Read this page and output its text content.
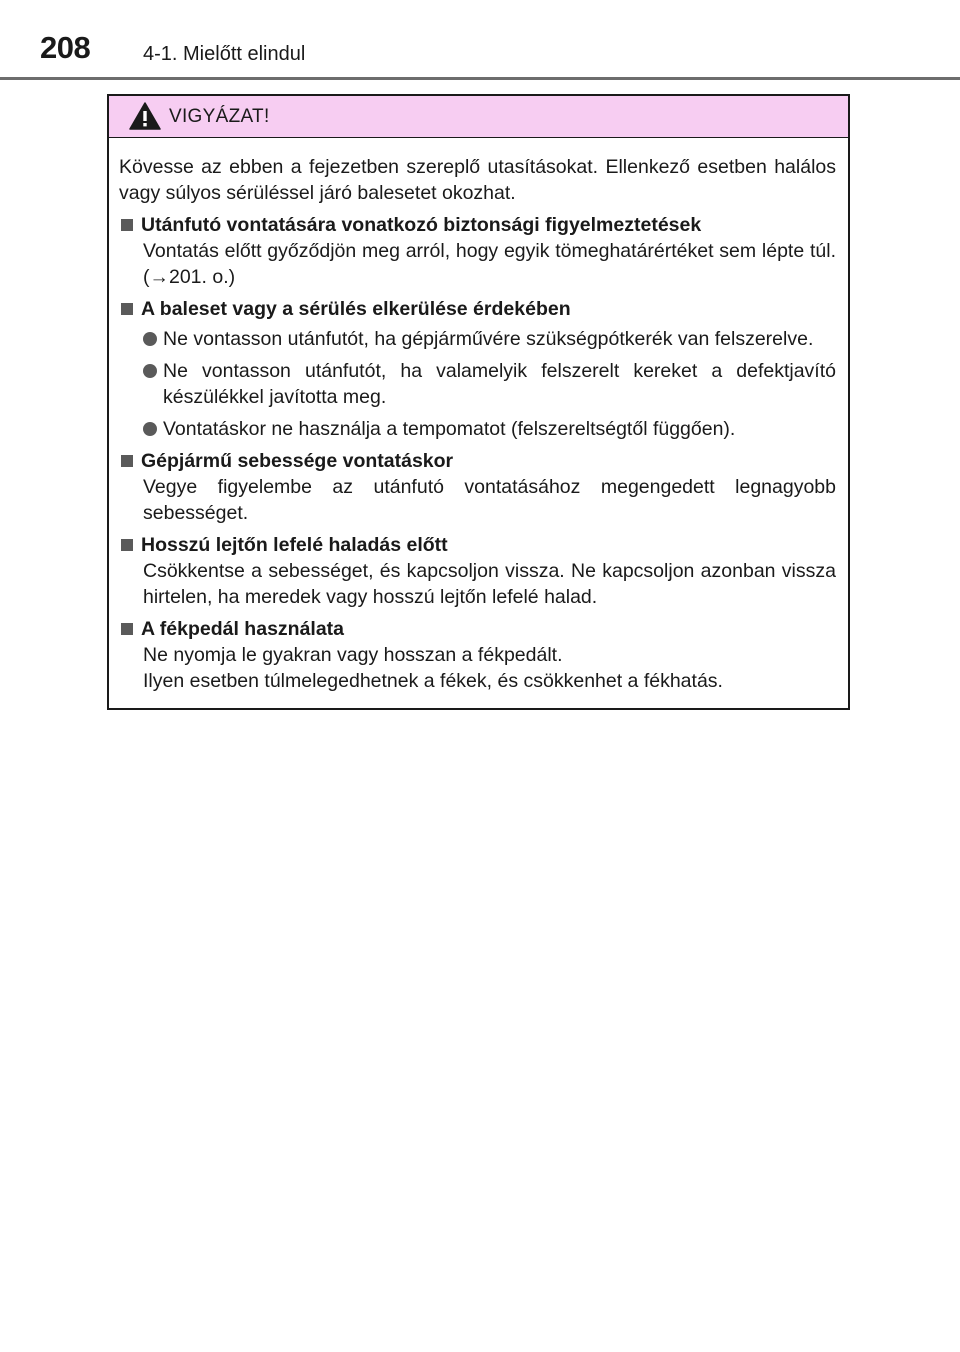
208	4-1. Mielőtt elindul
VIGYÁZAT!

Kövesse az ebben a fejezetben szereplő utasításokat. Ellenkező esetben halálos vagy súlyos sérüléssel járó balesetet okozhat.

Utánfutó vontatására vonatkozó biztonsági figyelmeztetések

Vontatás előtt győződjön meg arról, hogy egyik tömeghatárértéket sem lépte túl. (→201. o.)

A baleset vagy a sérülés elkerülése érdekében
Ne vontasson utánfutót, ha gépjárművére szükségpótkerék van felszerelve.
Ne vontasson utánfutót, ha valamelyik felszerelt kereket a defektjavító készülékkel javította meg.
Vontatáskor ne használja a tempomatot (felszereltségtől függően).
Gépjármű sebessége vontatáskor

Vegye figyelembe az utánfutó vontatásához megengedett legnagyobb sebességet.

Hosszú lejtőn lefelé haladás előtt

Csökkentse a sebességet, és kapcsoljon vissza. Ne kapcsoljon azonban vissza hirtelen, ha meredek vagy hosszú lejtőn lefelé halad.

A fékpedál használata

Ne nyomja le gyakran vagy hosszan a fékpedált.

Ilyen esetben túlmelegedhetnek a fékek, és csökkenhet a fékhatás.
